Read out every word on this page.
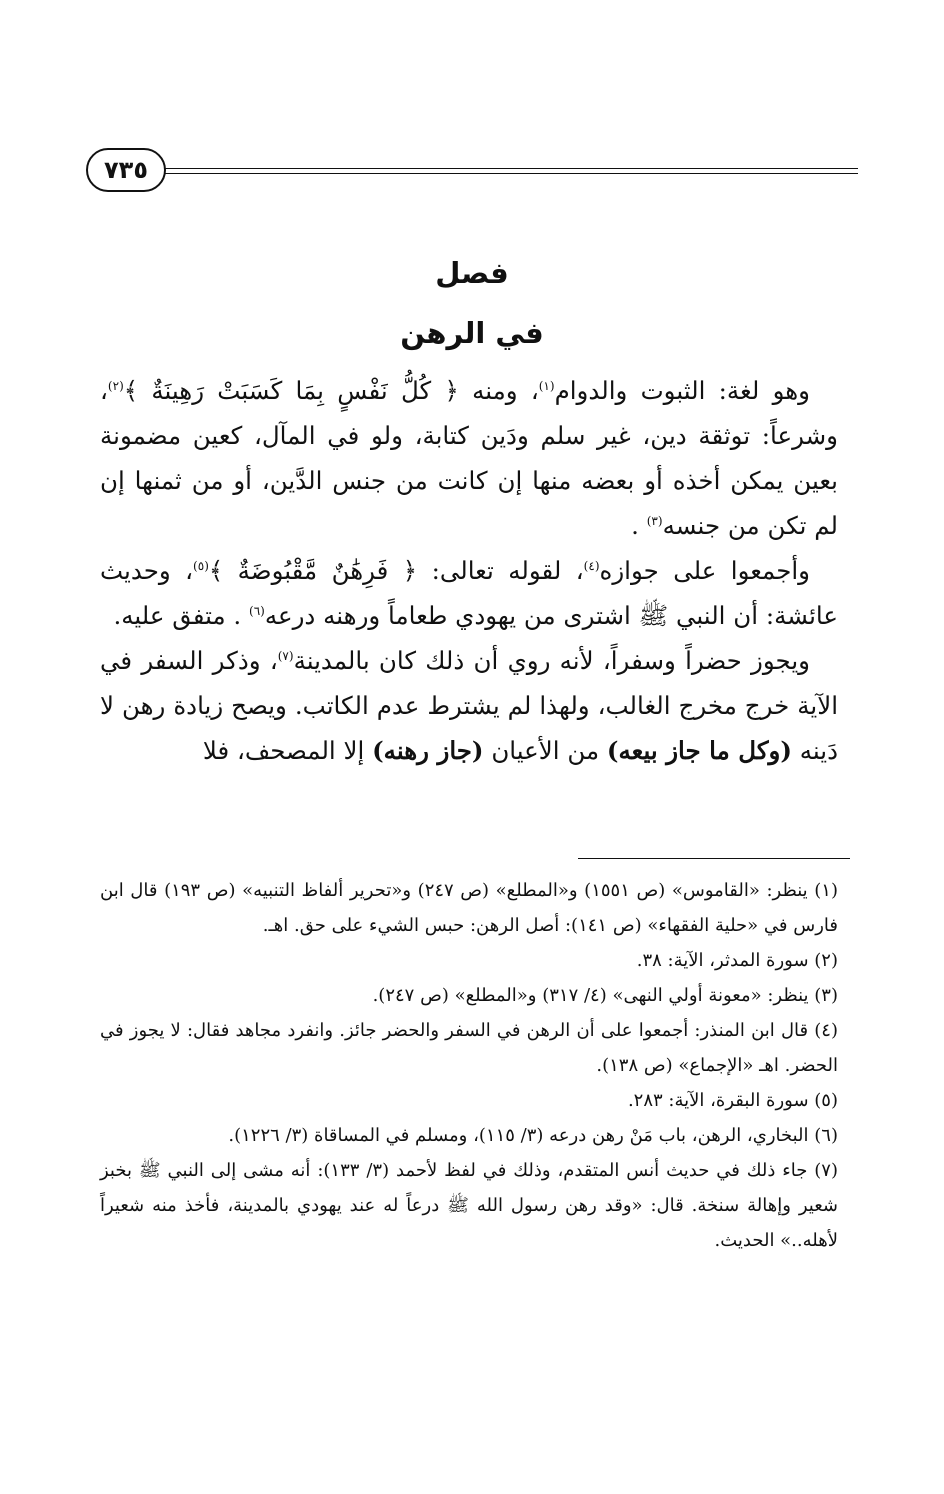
٧٣٥
فصل
في الرهن

وهو لغة: الثبوت والدوام$^{(١)}$، ومنه ﴿ كُلُّ نَفْسٍ بِمَا كَسَبَتْ رَهِينَةٌ ﴾$^{(٢)}$، وشرعاً: توثقة دين، غير سلم ودَين كتابة، ولو في المآل، كعين مضمونة بعين يمكن أخذه أو بعضه منها إن كانت من جنس الدَّين، أو من ثمنها إن لم تكن من جنسه$^{(٣)}$ .

وأجمعوا على جوازه$^{(٤)}$، لقوله تعالى: ﴿ فَرِهَٰنٌ مَّقْبُوضَةٌ ﴾$^{(٥)}$، وحديث عائشة: أن النبي ﷺ اشترى من يهودي طعاماً ورهنه درعه$^{(٦)}$ . متفق عليه.

ويجوز حضراً وسفراً، لأنه روي أن ذلك كان بالمدينة$^{(٧)}$، وذكر السفر في الآية خرج مخرج الغالب، ولهذا لم يشترط عدم الكاتب. ويصح زيادة رهن لا دَينه (وكل ما جاز بيعه) من الأعيان (جاز رهنه) إلا المصحف، فلا

(١) ينظر: «القاموس» (ص ١٥٥١) و«المطلع» (ص ٢٤٧) و«تحرير ألفاظ التنبيه» (ص ١٩٣) قال ابن فارس في «حلية الفقهاء» (ص ١٤١): أصل الرهن: حبس الشيء على حق. اهـ.

(٢) سورة المدثر، الآية: ٣٨.

(٣) ينظر: «معونة أولي النهى» (٤/ ٣١٧) و«المطلع» (ص ٢٤٧).

(٤) قال ابن المنذر: أجمعوا على أن الرهن في السفر والحضر جائز. وانفرد مجاهد فقال: لا يجوز في الحضر. اهـ «الإجماع» (ص ١٣٨).

(٥) سورة البقرة، الآية: ٢٨٣.

(٦) البخاري، الرهن، باب مَنْ رهن درعه (٣/ ١١٥)، ومسلم في المساقاة (٣/ ١٢٢٦).

(٧) جاء ذلك في حديث أنس المتقدم، وذلك في لفظ لأحمد (٣/ ١٣٣): أنه مشى إلى النبي ﷺ بخبز شعير وإهالة سنخة. قال: «وقد رهن رسول الله ﷺ درعاً له عند يهودي بالمدينة، فأخذ منه شعيراً لأهله..» الحديث.
